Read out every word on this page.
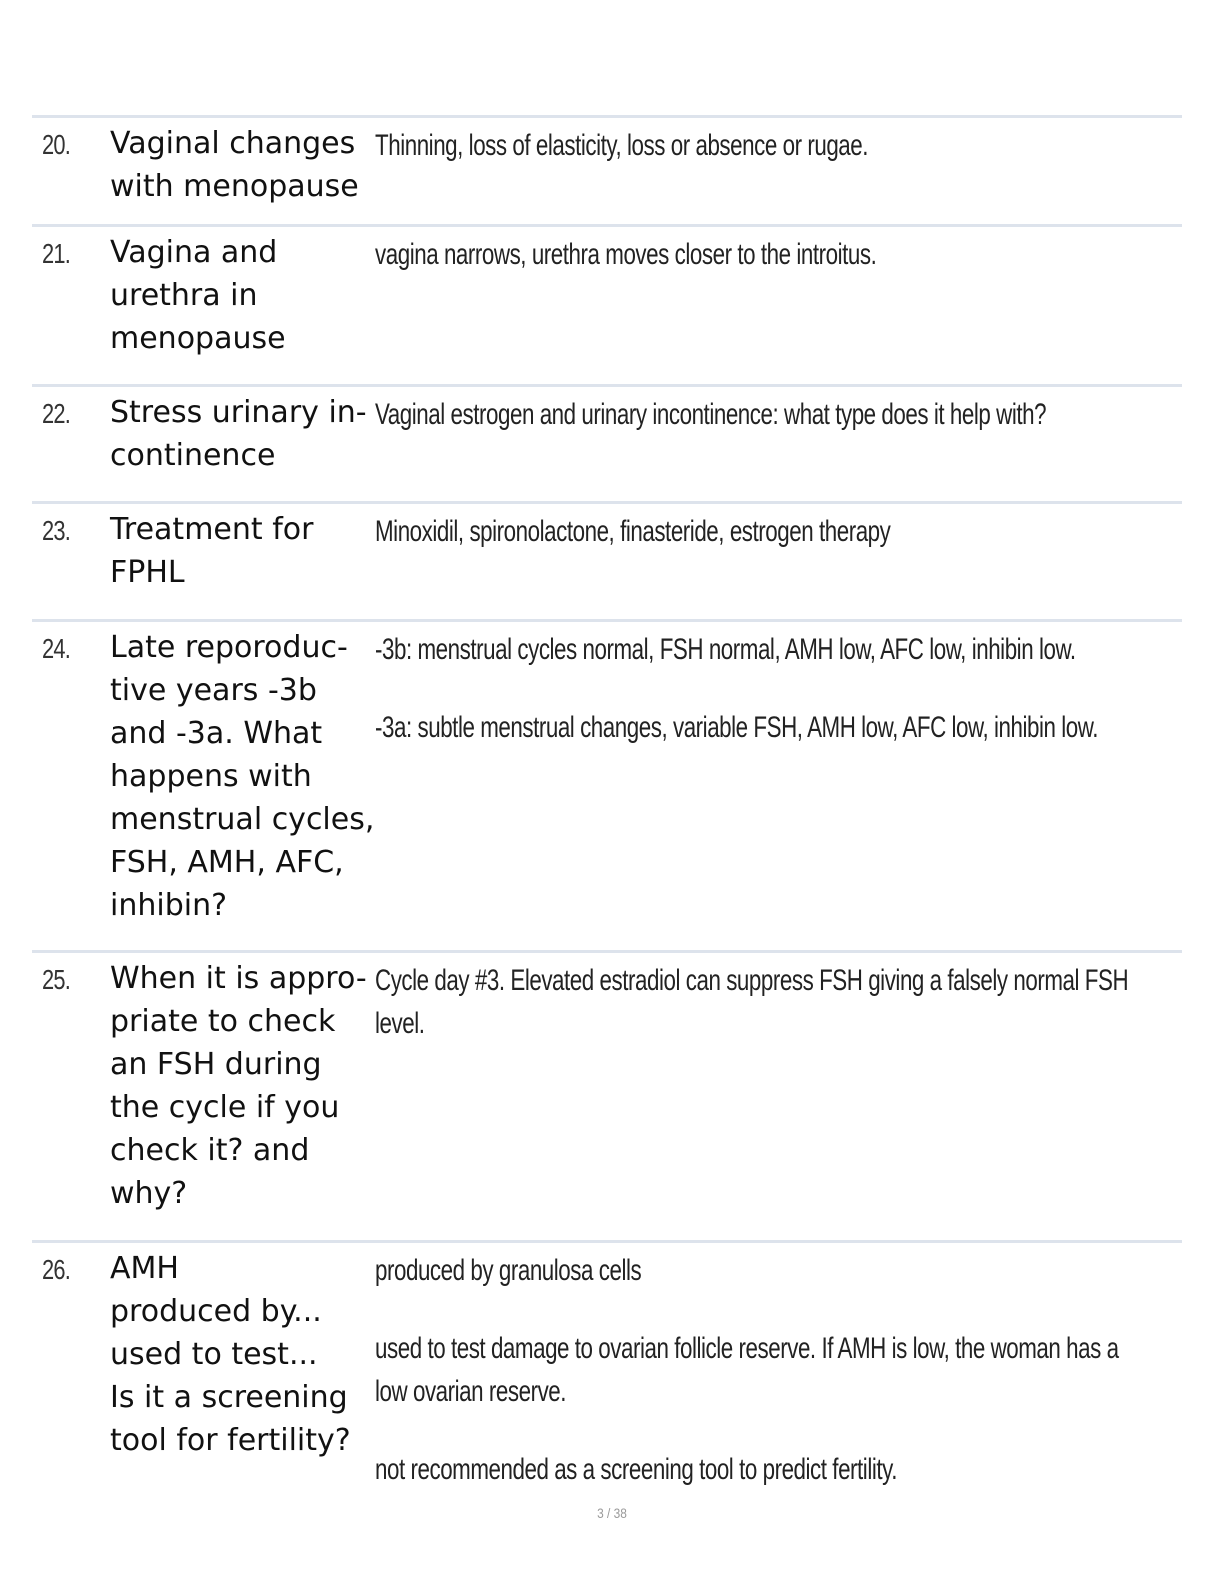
20. Vaginal changes
with menopause

Thinning, loss of elasticity, loss or absence or rugae.

21. Vagina and
urethra in
menopause

vagina narrows, urethra moves closer to the introitus.

22. Stress urinary in-
continence

Vaginal estrogen and urinary incontinence: what type does it help with?

23. Treatment for
FPHL

Minoxidil, spironolactone, finasteride, estrogen therapy

24. Late reporoduc-
tive years -3b
and -3a. What
happens with
menstrual cycles,
FSH, AMH, AFC,
inhibin?

-3b: menstrual cycles normal, FSH normal, AMH low, AFC low, inhibin low.

-3a: subtle menstrual changes, variable FSH, AMH low, AFC low, inhibin low.

25. When it is appro-
priate to check
an FSH during
the cycle if you
check it? and
why?

Cycle day #3. Elevated estradiol can suppress FSH giving a falsely normal FSH
level.

26. AMH
produced by...
used to test...
Is it a screening
tool for fertility?

produced by granulosa cells

used to test damage to ovarian follicle reserve. If AMH is low, the woman has a
low ovarian reserve.

not recommended as a screening tool to predict fertility.

3 / 38
